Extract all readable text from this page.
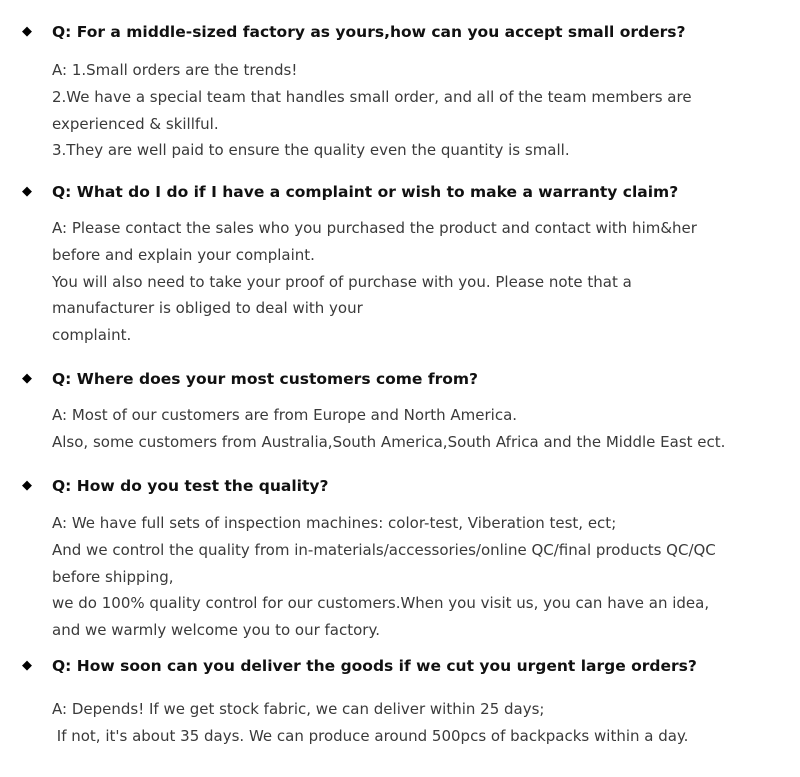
◆ Q: For a middle-sized factory as yours,how can you accept small orders?
A: 1.Small orders are the trends!
2.We have a special team that handles small order, and all of the team members are
experienced & skillful.
3.They are well paid to ensure the quality even the quantity is small.
◆ Q: What do I do if I have a complaint or wish to make a warranty claim?
A: Please contact the sales who you purchased the product and contact with him&her
before and explain your complaint.
You will also need to take your proof of purchase with you. Please note that a
manufacturer is obliged to deal with your
complaint.
◆ Q: Where does your most customers come from?
A: Most of our customers are from Europe and North America.
Also, some customers from Australia,South America,South Africa and the Middle East ect.
◆ Q: How do you test the quality?
A: We have full sets of inspection machines: color-test, Viberation test, ect;
And we control the quality from in-materials/accessories/online QC/final products QC/QC
before shipping,
we do 100% quality control for our customers.When you visit us, you can have an idea,
and we warmly welcome you to our factory.
◆ Q: How soon can you deliver the goods if we cut you urgent large orders?
A: Depends! If we get stock fabric, we can deliver within 25 days;
If not, it's about 35 days. We can produce around 500pcs of backpacks within a day.
